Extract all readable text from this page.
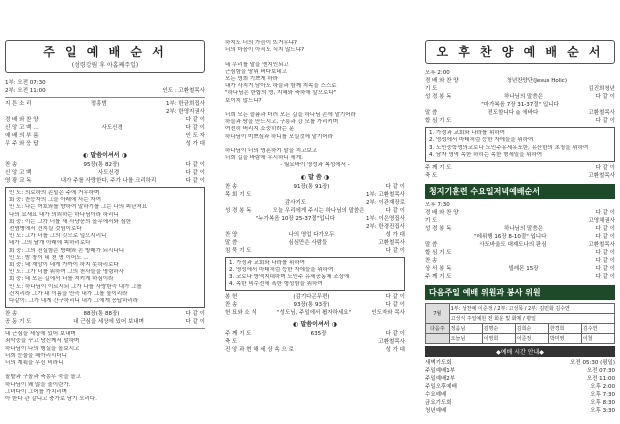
주 일 예 배 순 서
(성령강림 후 아홉째주일)
1부: 오전 07:30
2부: 오전 11:00	인도 : 고환철목사
지 튼 소 리	정흥범	1부: 한균희집사
2부: 한영지권사
경 배 와 찬 양	다 같 이
신 앙 고 백 …	사도신경	다 같 이
예 배 의 부 름	인 도 자
우 주 와 응 답	성 가 대
◐ 말씀이셔서 ◑
찬 송	95장(통 82장)	다 같 이
신 앙 고 백	사도신경	다 같 이
영 광 교 독	내가 주를 사랑한다, 주가 나를 크리하리	다 같 이
인 도: 의로하의 손밑은 주에 거우하며
회 중: 찬능자의 그늘 아래에 사는 자여
인 도: 나는 여호와를 향하여 말하기를 그는 나의 피난처요
나의 요새요 내가 의뢰하는 하나님이라 하리니
회 중: 이는 그가 너를 새 사냥꾼의 올무에서와 심한
전염병에서 건지실 것임이로다
인 도: 그가 너를 그의 깃으로 덮으시리니
네가 그의 날개 아래에 피하리로다
회 중: 그의 진실함은 방패와 손 방패가 되시나니
인 도: 밤 창이 네 천 명 이어도 ...
회 중: 네 재앙이 네게 가까이 하지 못하리로다
인 도: 그가 너를 위하여 그의 천사들을 명령하사
회 중: 네 모든 길에서 너를 지키게 하심이라
인 도: 하나님이 이르시되 그가 나를 사랑한즉 내가 그를
건지리라 그가 내 이름을 안즉 내가 그를 높이리라
다같이: 그가 내게 간구하리니 내가 그에게 응답하리라
찬 송	88장(통 88장)	다 같 이
공 동 기 도	내 근심을 세상에 있어 보내며	다 같 이
내 근심을 세상에 있어 보내며
죄악중을 꾸고 당신께서 말하며
하나님이 나의 행실을 돌보시고
너희 눈물을 헤아리시더니
너의 계획을 우신 비라니

돌밭과 구돌과 축몽우 죽을 돌고
하나님이 왜 않을 줄이란가.
그녀다이 그어를 가치리며
아 한다 관 갈니고 충가로 남기 오리다.
하지도 너의 가슴이 뜨거우냐?
너의 마음이 아직도 식지 않느냐?

네 우리를 말을 엔지인되고
근심함을 땅위 버다보네고
모든 영희 기쁘게 하라
내가 사지거 담아도 하늘과 함께 지속을 스스로
"하나님은 한합의 영, 지혜와 축하에 앞으로다"
보이지 않느냐?

너희 모든 슬픔과 더러 모든 길을 하나님 손에 맡기어라
하늘과 땅을 만드시고, 구릉과 강 모를 가리키며
여전히 버리지 소중히라는 문
하나님이 미쁘심과 하니를 모실것에 맡기어라

하나님이 너의 영혼하기 말을 지고보고
너희 길을 바람에 우시하니 세게.
- 월요바이 영성과 복성에서 -
◐ 말 씀 ◑
찬 송	91장(통 91장)	다 같 이
목 회 기 도	1부: 고환철목사
감사기도	2부: 이관재장로
성 경 봉 독	오늘 우리에게 주시는 하나님의 말씀은	다 같 이
"누가복음 10장 25-37절"입니다	1부: 이은영집사
2부: 한경진집사
찬 양	나의 영업 다가오두	성 가 대
말 씀	심심만은 사람들	고환철목사
침 묵 기 도	다 같 이
1. 가정과 교회와 나라를 위하여
2. 영성에서 마태처럼 능한 자에들을 위하여
3. 코로나 방역지대하며 노인주 유세공동체 조상에
4. 목한 비수전세 폭한 형성함을 위하여
봉 헌	(감기다곤무편)	다 같 이
찬 송	93장(통 93장)	다 같 이
헌 묘와 소 식	"성도님, 주일에서 뵙자하세요"	인도자와 목사
◐ 말씀이셔서 ◑
주 께 기 도	635장	다 같 이
축 도	고환철목사
진 앙 과 현 해 세 상 속 으 로	성 가 대
오 후 찬 양 예 배 순 서
오후 2:00
경 배 와 찬 양	청년찬양단(Jesus Holic)
기 도	김진희청년
성 경 봉 독	하나님의 말씀은	다 같 이
"마가복음 7장 31-37절" 입니다
말 씀	전도함니다 ◎ 에바다	고환철목사
합 심 기 도	다 같 이
1. 가정과 교회와 나라를 위하여
2. 영성에서 마태처럼 능한 자에들을 위하여
3. 노인중학생의코로나 노인주유세유포한, 유산한의 초청을 위하여
4. 남자 영역 목한 하히는 목한 형세일을 위하여
주 께 기 도	다 같 이
축 도	고환철목사
청지기훈련 수요일저녁예배순서
오후 7:30
경 배 와 찬 양	다 같 이
기 도	고영채권사
성 경 봉 독	하나님의 말씀은	다 같 이
"레위행 16장 8-10절" 입니다	다 같 이
말 씀	사도바울도 대제도나의 판심	고환철목사
합 심 기 도	다 같 이
찬 송	다 같 이
상 서 봉 독	빌레몬 15장	다 같 이
주 께 기 도	다 같 이
다음주일 예배 위원과 봉사 위원
7월	1부: 성찬예 이준정 / 2부: 고성목 / 2부: 김민화 김수연				
	고성식 주일예원 전 회운 및 화제 / 평일				
다음주	정음님	김명순	김희순	한경희	김수연
	오늘님	이영희	이준정	박미영	이철
◆예배 시간 안내◆
새벽기도회	오전 05:30 (평일)
주일예배1부	오전 07:30
주일예배2부	오전 11:00
주일오후예배	오후 2:00
수요예배	오후 7:30
금요기도회	오후 8:30
청년예배	오후 3:30
